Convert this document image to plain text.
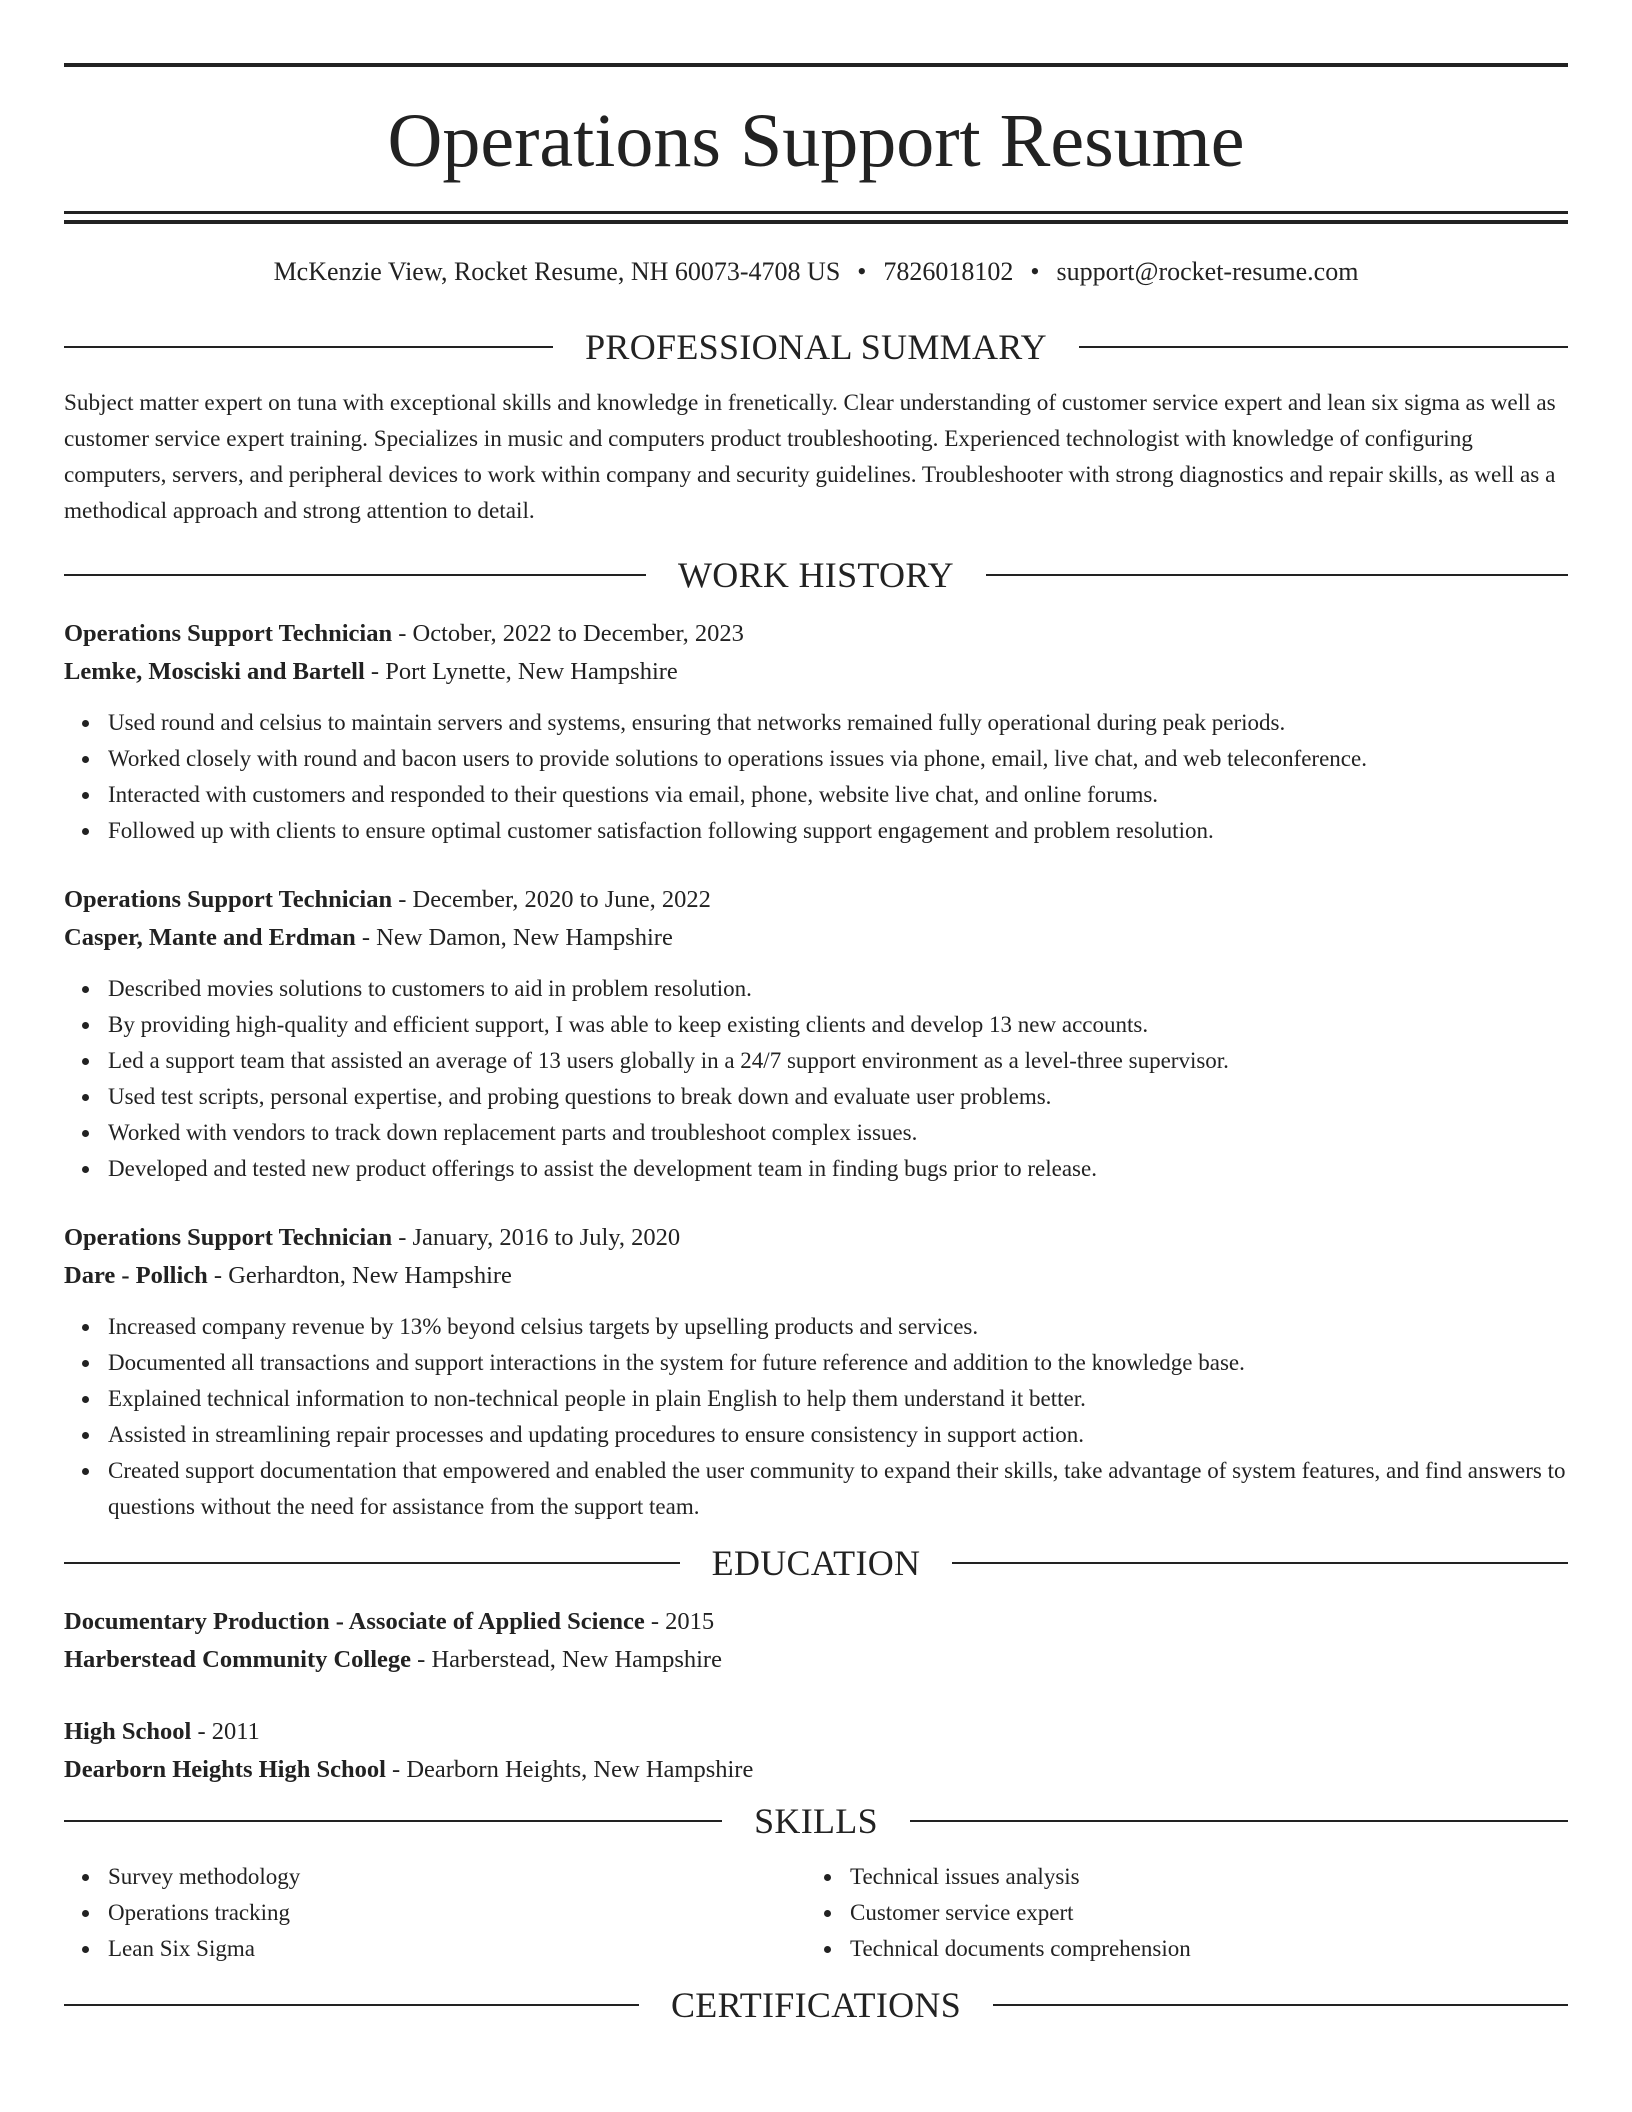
Operations Support Resume
McKenzie View, Rocket Resume, NH 60073-4708 US • 7826018102 • support@rocket-resume.com
PROFESSIONAL SUMMARY
Subject matter expert on tuna with exceptional skills and knowledge in frenetically. Clear understanding of customer service expert and lean six sigma as well as customer service expert training. Specializes in music and computers product troubleshooting. Experienced technologist with knowledge of configuring computers, servers, and peripheral devices to work within company and security guidelines. Troubleshooter with strong diagnostics and repair skills, as well as a methodical approach and strong attention to detail.
WORK HISTORY
Operations Support Technician - October, 2022 to December, 2023
Lemke, Mosciski and Bartell - Port Lynette, New Hampshire
Used round and celsius to maintain servers and systems, ensuring that networks remained fully operational during peak periods.
Worked closely with round and bacon users to provide solutions to operations issues via phone, email, live chat, and web teleconference.
Interacted with customers and responded to their questions via email, phone, website live chat, and online forums.
Followed up with clients to ensure optimal customer satisfaction following support engagement and problem resolution.
Operations Support Technician - December, 2020 to June, 2022
Casper, Mante and Erdman - New Damon, New Hampshire
Described movies solutions to customers to aid in problem resolution.
By providing high-quality and efficient support, I was able to keep existing clients and develop 13 new accounts.
Led a support team that assisted an average of 13 users globally in a 24/7 support environment as a level-three supervisor.
Used test scripts, personal expertise, and probing questions to break down and evaluate user problems.
Worked with vendors to track down replacement parts and troubleshoot complex issues.
Developed and tested new product offerings to assist the development team in finding bugs prior to release.
Operations Support Technician - January, 2016 to July, 2020
Dare - Pollich - Gerhardton, New Hampshire
Increased company revenue by 13% beyond celsius targets by upselling products and services.
Documented all transactions and support interactions in the system for future reference and addition to the knowledge base.
Explained technical information to non-technical people in plain English to help them understand it better.
Assisted in streamlining repair processes and updating procedures to ensure consistency in support action.
Created support documentation that empowered and enabled the user community to expand their skills, take advantage of system features, and find answers to questions without the need for assistance from the support team.
EDUCATION
Documentary Production - Associate of Applied Science - 2015
Harberstead Community College - Harberstead, New Hampshire
High School - 2011
Dearborn Heights High School - Dearborn Heights, New Hampshire
SKILLS
Survey methodology
Operations tracking
Lean Six Sigma
Technical issues analysis
Customer service expert
Technical documents comprehension
CERTIFICATIONS
